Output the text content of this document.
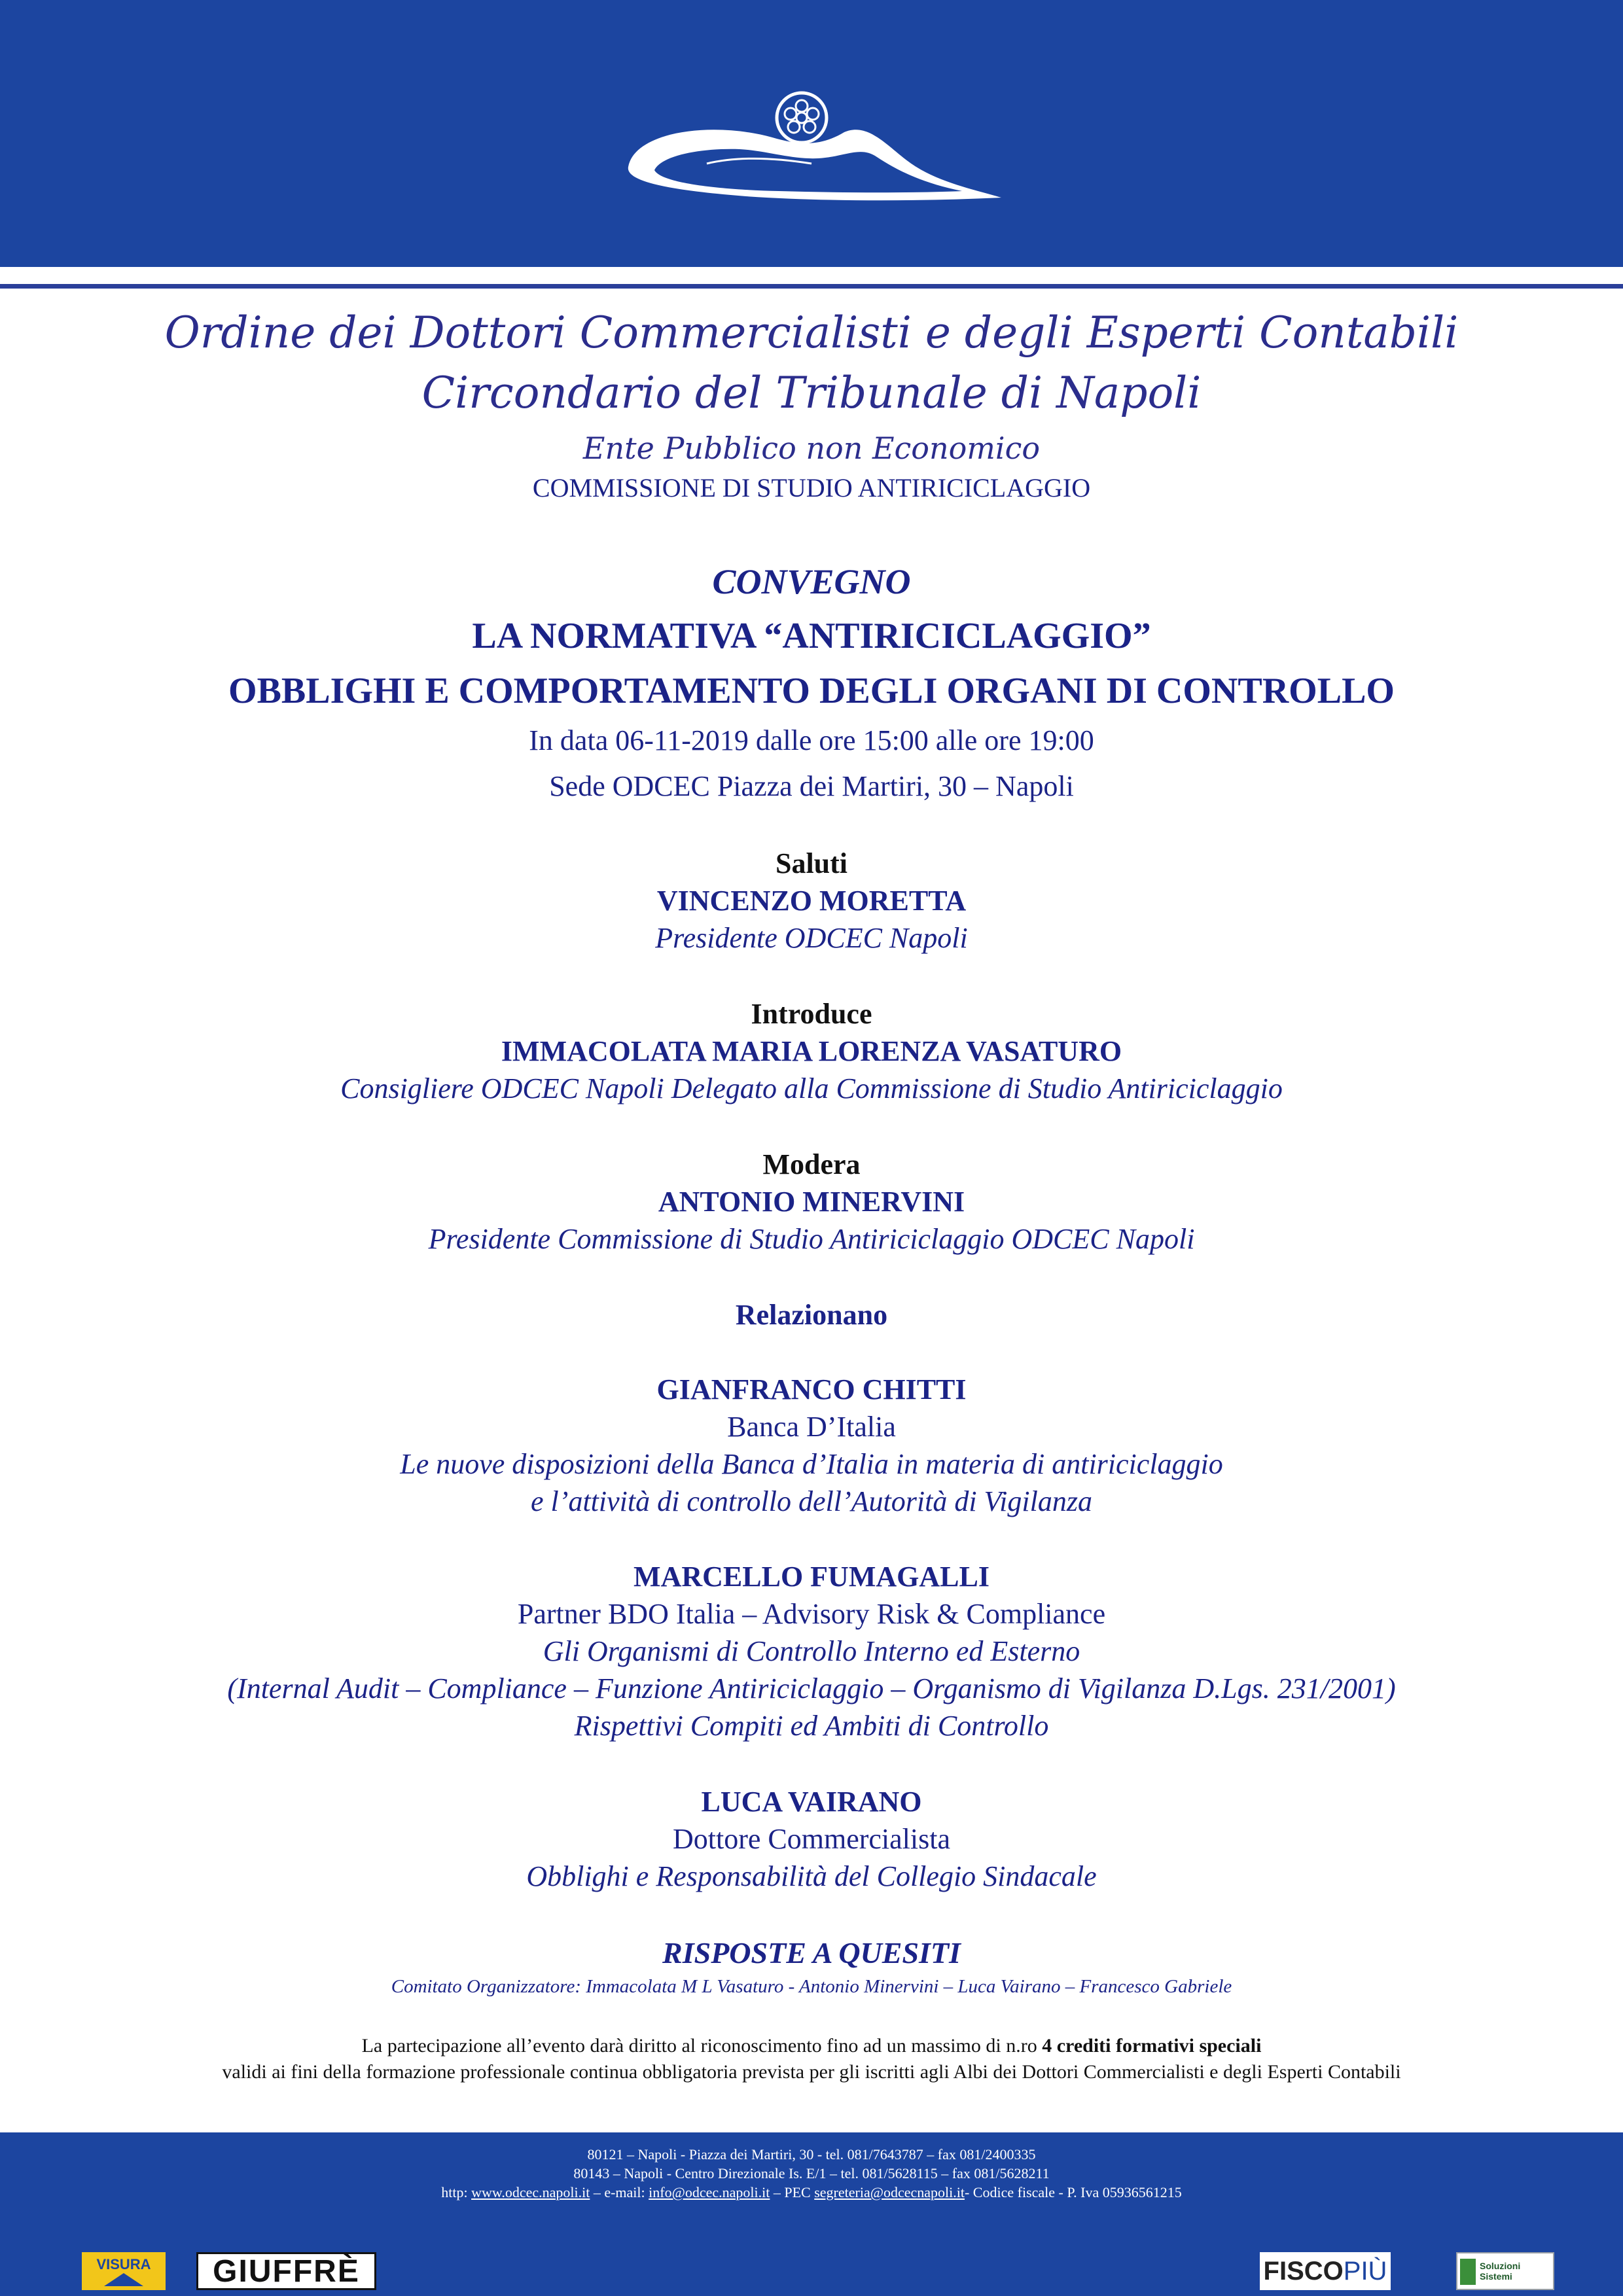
Ordine dei Dottori Commercialisti e degli Esperti Contabili
Circondario del Tribunale di Napoli
Ente Pubblico non Economico
COMMISSIONE DI STUDIO ANTIRICICLAGGIO
CONVEGNO
LA NORMATIVA “ANTIRICICLAGGIO”
OBBLIGHI E COMPORTAMENTO DEGLI ORGANI DI CONTROLLO
In data 06-11-2019 dalle ore 15:00 alle ore 19:00
Sede ODCEC Piazza dei Martiri, 30 – Napoli
Saluti
VINCENZO MORETTA
Presidente ODCEC Napoli
Introduce
IMMACOLATA MARIA LORENZA VASATURO
Consigliere ODCEC Napoli Delegato alla Commissione di Studio Antiriciclaggio
Modera
ANTONIO MINERVINI
Presidente Commissione di Studio Antiriciclaggio ODCEC Napoli
Relazionano
GIANFRANCO CHITTI
Banca D’Italia
Le nuove disposizioni della Banca d’Italia in materia di antiriciclaggio
e l’attività di controllo dell’Autorità di Vigilanza
MARCELLO FUMAGALLI
Partner BDO Italia – Advisory Risk & Compliance
Gli Organismi di Controllo Interno ed Esterno
(Internal Audit – Compliance – Funzione Antiriciclaggio – Organismo di Vigilanza D.Lgs. 231/2001)
Rispettivi Compiti ed Ambiti di Controllo
LUCA VAIRANO
Dottore Commercialista
Obblighi e Responsabilità del Collegio Sindacale
RISPOSTE A QUESITI
Comitato Organizzatore: Immacolata M L Vasaturo - Antonio Minervini – Luca Vairano – Francesco Gabriele
La partecipazione all’evento darà diritto al riconoscimento fino ad un massimo di n.ro 4 crediti formativi speciali
validi ai fini della formazione professionale continua obbligatoria prevista per gli iscritti agli Albi dei Dottori Commercialisti e degli Esperti Contabili
80121 – Napoli - Piazza dei Martiri, 30 - tel. 081/7643787 – fax 081/2400335
80143 – Napoli - Centro Direzionale Is. E/1 – tel. 081/5628115 – fax 081/5628211
http: www.odcec.napoli.it – e-mail: info@odcec.napoli.it – PEC segreteria@odcecnapoli.it- Codice fiscale - P. Iva 05936561215
VISURA	GIUFFRÈ	FISCO PIÙ	Soluzioni Sistemi
